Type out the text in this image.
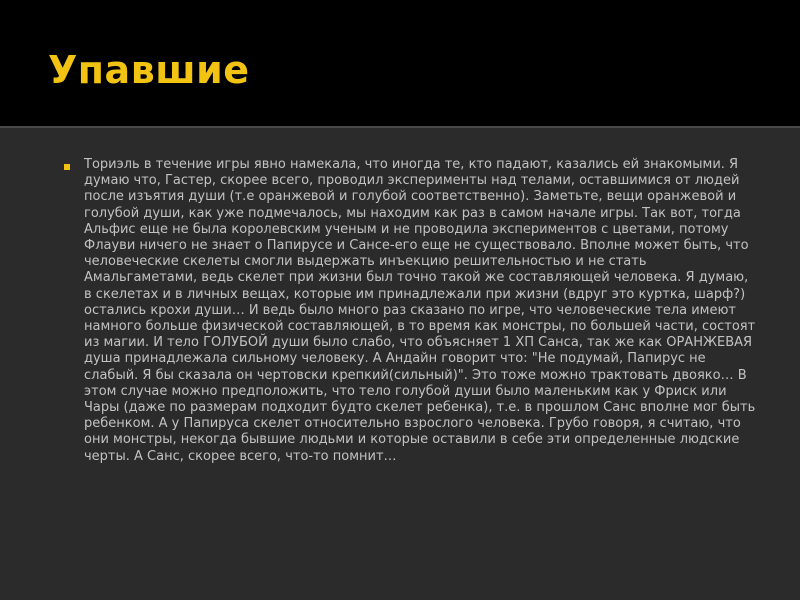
Упавшие

Ториэль в течение игры явно намекала, что иногда те, кто падают, казались ей знакомыми. Я думаю что, Гастер, скорее всего, проводил эксперименты над телами, оставшимися от людей после изъятия души (т.е оранжевой и голубой соответственно). Заметьте, вещи оранжевой и голубой души, как уже подмечалось, мы находим как раз в самом начале игры. Так вот, тогда Альфис еще не была королевским ученым и не проводила экспериментов с цветами, потому Флауви ничего не знает о Папирусе и Сансе-его еще не существовало. Вполне может быть, что человеческие скелеты смогли выдержать инъекцию решительностью и не стать Амальгаметами, ведь скелет при жизни был точно такой же составляющей человека. Я думаю, в скелетах и в личных вещах, которые им принадлежали при жизни (вдруг это куртка, шарф?) остались крохи души… И ведь было много раз сказано по игре, что человеческие тела имеют намного больше физической составляющей, в то время как монстры, по большей части, состоят из магии. И тело ГОЛУБОЙ души было слабо, что объясняет 1 ХП Санса, так же как ОРАНЖЕВАЯ душа принадлежала сильному человеку. А Андайн говорит что: "Не подумай, Папирус не слабый. Я бы сказала он чертовски крепкий(сильный)". Это тоже можно трактовать двояко… В этом случае можно предположить, что тело голубой души было маленьким как у Фриск или Чары (даже по размерам подходит будто скелет ребенка), т.е. в прошлом Санс вполне мог быть ребенком. А у Папируса скелет относительно взрослого человека. Грубо говоря, я считаю, что они монстры, некогда бывшие людьми и которые оставили в себе эти определенные людские черты. А Санс, скорее всего, что-то помнит…
